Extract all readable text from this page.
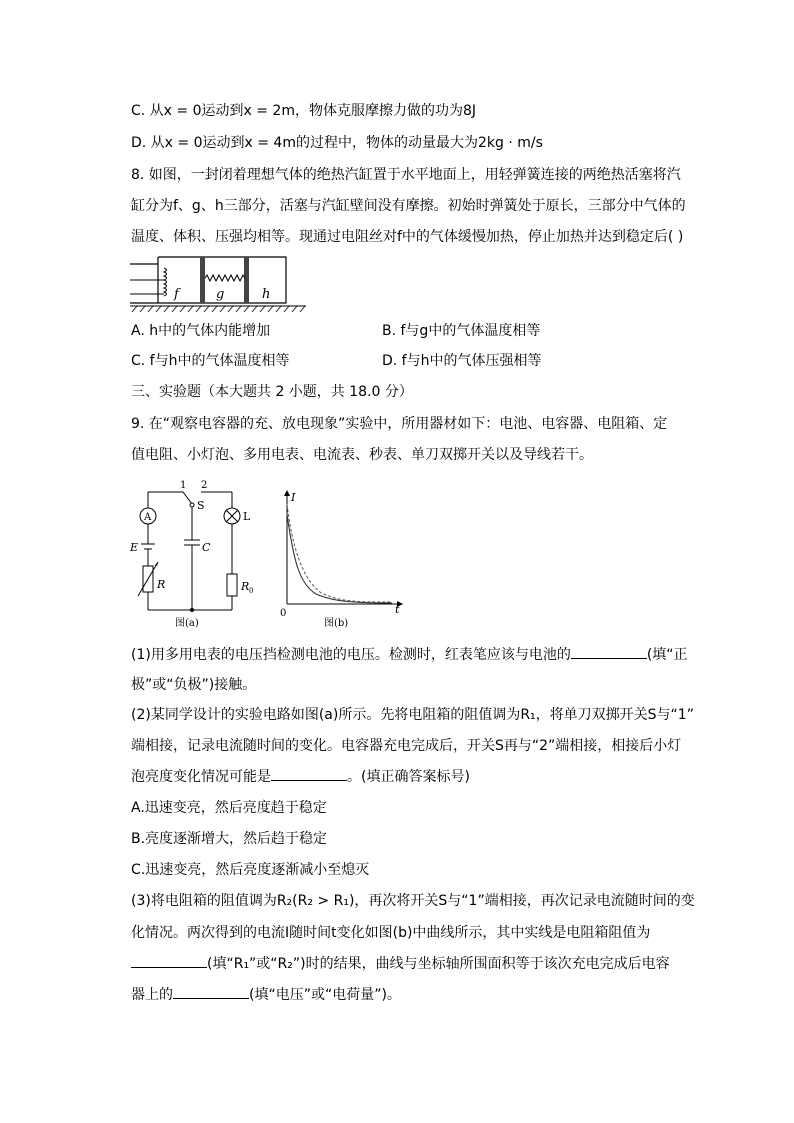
C. 从x = 0运动到x = 2m，物体克服摩擦力做的功为8J
D. 从x = 0运动到x = 4m的过程中，物体的动量最大为2kg · m/s
8. 如图，一封闭着理想气体的绝热汽缸置于水平地面上，用轻弹簧连接的两绝热活塞将汽
缸分为f、g、h三部分，活塞与汽缸壁间没有摩擦。初始时弹簧处于原长，三部分中气体的
温度、体积、压强均相等。现通过电阻丝对f中的气体缓慢加热，停止加热并达到稳定后( )
f	g	h
A. h中的气体内能增加	B. f与g中的气体温度相等
C. f与h中的气体温度相等	D. f与h中的气体压强相等
三、实验题（本大题共 2 小题，共 18.0 分）
9. 在“观察电容器的充、放电现象”实验中，所用器材如下：电池、电容器、电阻箱、定
值电阻、小灯泡、多用电表、电流表、秒表、单刀双掷开关以及导线若干。
1 2
S
L
A
E	C
R	R 0
图(a)
I
t
0
图(b)
(1)用多用电表的电压挡检测电池的电压。检测时，红表笔应该与电池的	(填“正
极”或“负极”)接触。
(2)某同学设计的实验电路如图(a)所示。先将电阻箱的阻值调为R₁，将单刀双掷开关S与“1”
端相接，记录电流随时间的变化。电容器充电完成后，开关S再与“2”端相接，相接后小灯
泡亮度变化情况可能是	。(填正确答案标号)
A.迅速变亮，然后亮度趋于稳定
B.亮度逐渐增大，然后趋于稳定
C.迅速变亮，然后亮度逐渐减小至熄灭
(3)将电阻箱的阻值调为R₂(R₂ > R₁)，再次将开关S与“1”端相接，再次记录电流随时间的变
化情况。两次得到的电流I随时间t变化如图(b)中曲线所示，其中实线是电阻箱阻值为
(填“R₁”或“R₂”)时的结果，曲线与坐标轴所围面积等于该次充电完成后电容
器上的	(填“电压”或“电荷量”)。
